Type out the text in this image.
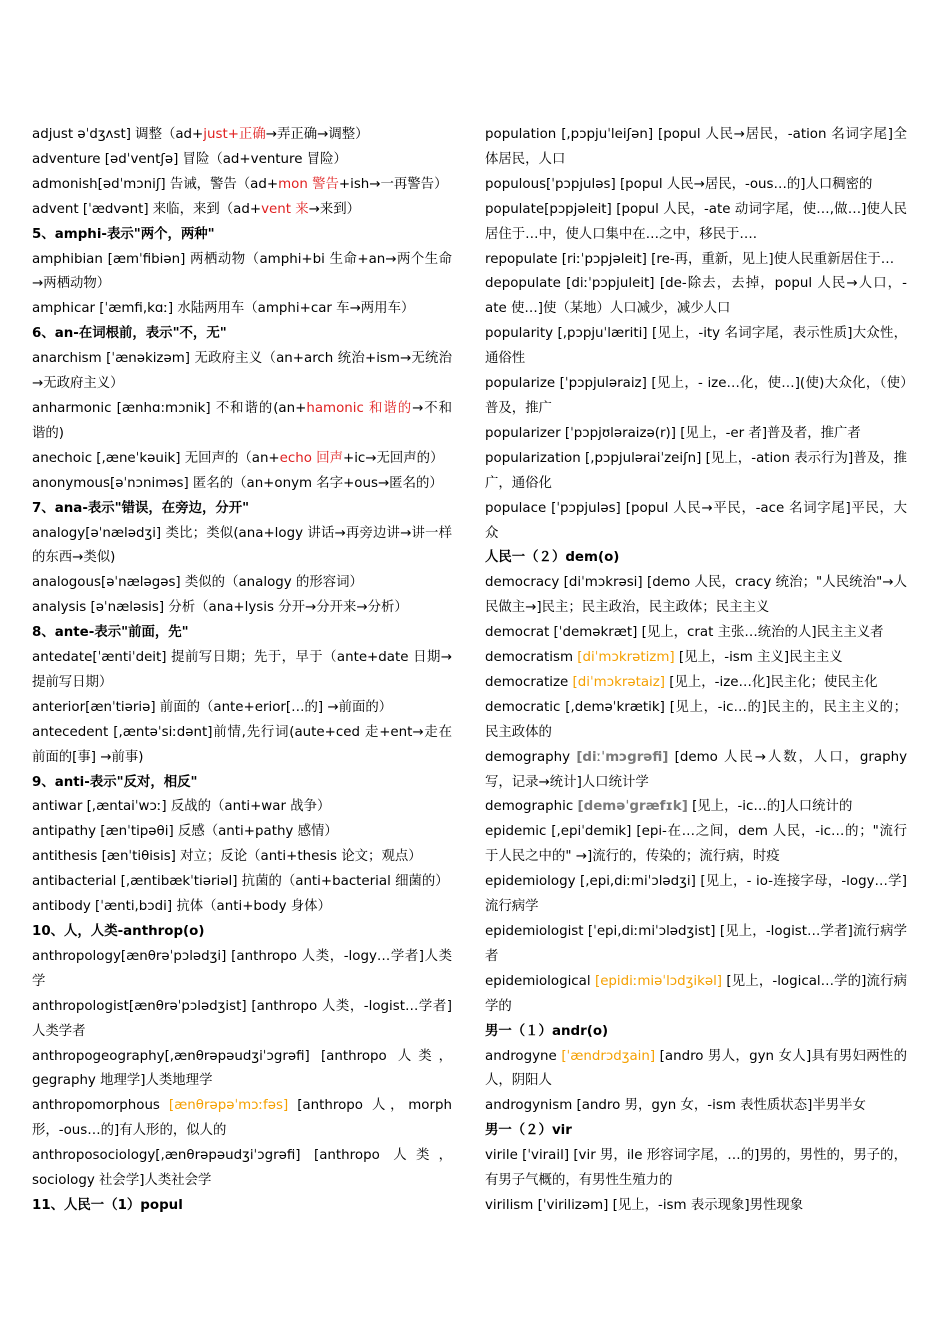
adjust əˈdʒʌst] 调整（ad+just+正确→弄正确→调整）
adventure [ədˈventʃə] 冒险（ad+venture 冒险）
admonish[ədˈmɔniʃ] 告诫，警告（ad+mon 警告+ish→一再警告）
advent [ˈædvənt] 来临，来到（ad+vent 来→来到）
5、amphi-表示"两个，两种"
amphibian [æmˈfibiən] 两栖动物（amphi+bi 生命+an→两个生命→两栖动物）
amphicar [ˈæmfi,kɑː] 水陆两用车（amphi+car 车→两用车）
6、an-在词根前，表示"不，无"
anarchism [ˈænəkizəm] 无政府主义（an+arch 统治+ism→无统治→无政府主义）
anharmonic [ænhɑ:mɔnik] 不和谐的(an+hamonic 和谐的→不和谐的)
anechoic [,æneˈkəuik] 无回声的（an+echo 回声+ic→无回声的）
anonymous[əˈnɔniməs] 匿名的（an+onym 名字+ous→匿名的）
7、ana-表示"错误，在旁边，分开"
analogy[əˈnælədʒi] 类比；类似(ana+logy 讲话→再旁边讲→讲一样的东西→类似)
analogous[əˈnæləgəs] 类似的（analogy 的形容词）
analysis [əˈnæləsis] 分析（ana+lysis 分开→分开来→分析）
8、ante-表示"前面，先"
antedate[ˈæntiˈdeit] 提前写日期；先于，早于（ante+date 日期→提前写日期）
anterior[ænˈtiəriə] 前面的（ante+erior[…的] →前面的）
antecedent [,æntəˈsiːdənt]前情,先行词(aute+ced 走+ent→走在前面的[事] →前事)
9、anti-表示"反对，相反"
antiwar [,æntaiˈwɔː] 反战的（anti+war 战争）
antipathy [ænˈtipəθi] 反感（anti+pathy 感情）
antithesis [ænˈtiθisis] 对立；反论（anti+thesis 论文；观点）
antibacterial [,æntibækˈtiəriəl] 抗菌的（anti+bacterial 细菌的）
antibody [ˈænti,bɔdi] 抗体（anti+body 身体）
10、人，人类-anthrop(o)
anthropology[ænθrəˈpɔlədʒi] [anthropo 人类，-logy…学者]人类学
anthropologist[ænθrəˈpɔlədʒist] [anthropo 人类，-logist…学者]人类学者
anthropogeography[,ænθrəpəudʒiˈɔgrəfi] [anthropo 人类，gegraphy 地理学]人类地理学
anthropomorphous [ænθrəpəˈmɔːfəs] [anthropo 人，morph 形，-ous…的]有人形的，似人的
anthroposociology[,ænθrəpəudʒiˈɔgrəfi] [anthropo 人类，sociology 社会学]人类社会学
11、人民一（1）popul
population [,pɔpjuˈleiʃən] [popul 人民→居民，-ation 名词字尾]全体居民，人口
populous[ˈpɔpjuləs] [popul 人民→居民，-ous…的]人口稠密的
populate[pɔpjəleit] [popul 人民，-ate 动词字尾，使…,做…]使人民居住于…中，使人口集中在…之中，移民于….
repopulate [riːˈpɔpjəleit] [re-再，重新，见上]使人民重新居住于…
depopulate [diːˈpɔpjuleit] [de-除去，去掉，popul 人民→人口，-ate 使…]使（某地）人口减少，减少人口
popularity [,pɔpjuˈlæriti] [见上，-ity 名词字尾，表示性质]大众性，通俗性
popularize [ˈpɔpjuləraiz] [见上，- ize…化，使…](使)大众化，（使）普及，推广
popularizer [ˈpɔpjʊləraizə(r)] [见上，-er 者]普及者，推广者
popularization [,pɔpjuləraiˈzeiʃn] [见上，-ation 表示行为]普及，推广，通俗化
populace [ˈpɔpjuləs] [popul 人民→平民，-ace 名词字尾]平民，大众
人民一（２）dem(o)
democracy [diˈmɔkrəsi] [demo 人民，cracy 统治；"人民统治"→人民做主→]民主；民主政治，民主政体；民主主义
democrat [ˈdeməkræt] [见上，crat 主张…统治的人]民主主义者
democratism [diˈmɔkrətizm] [见上，-ism 主义]民主主义
democratize [diˈmɔkrətaiz] [见上，-ize…化]民主化；使民主化
democratic [,deməˈkrætik] [见上，-ic…的]民主的，民主主义的；民主政体的
demography [diːˈmɔgrəfi] [demo 人民→人数，人口，graphy 写，记录→统计]人口统计学
demographic [deməˈgræfɪk] [见上，-ic…的]人口统计的
epidemic [,epiˈdemik] [epi-在…之间，dem 人民，-ic…的；"流行于人民之中的" →]流行的，传染的；流行病，时疫
epidemiology [,epi,diːmiˈɔlədʒi] [见上，- io-连接字母，-logy…学]流行病学
epidemiologist [ˈepi,diːmiˈɔlədʒist] [见上，-logist…学者]流行病学者
epidemiological [epidiːmiəˈlɔdʒikəl] [见上，-logical…学的]流行病学的
男一（１）andr(o)
androgyne [ˈændrɔdʒain] [andro 男人，gyn 女人]具有男妇两性的人，阴阳人
androgynism [andro 男，gyn 女，-ism 表性质状态]半男半女
男一（２）vir
virile [ˈvirail] [vir 男，ile 形容词字尾，…的]男的，男性的，男子的，有男子气概的，有男性生殖力的
virilism [ˈvirilizəm] [见上，-ism 表示现象]男性现象
